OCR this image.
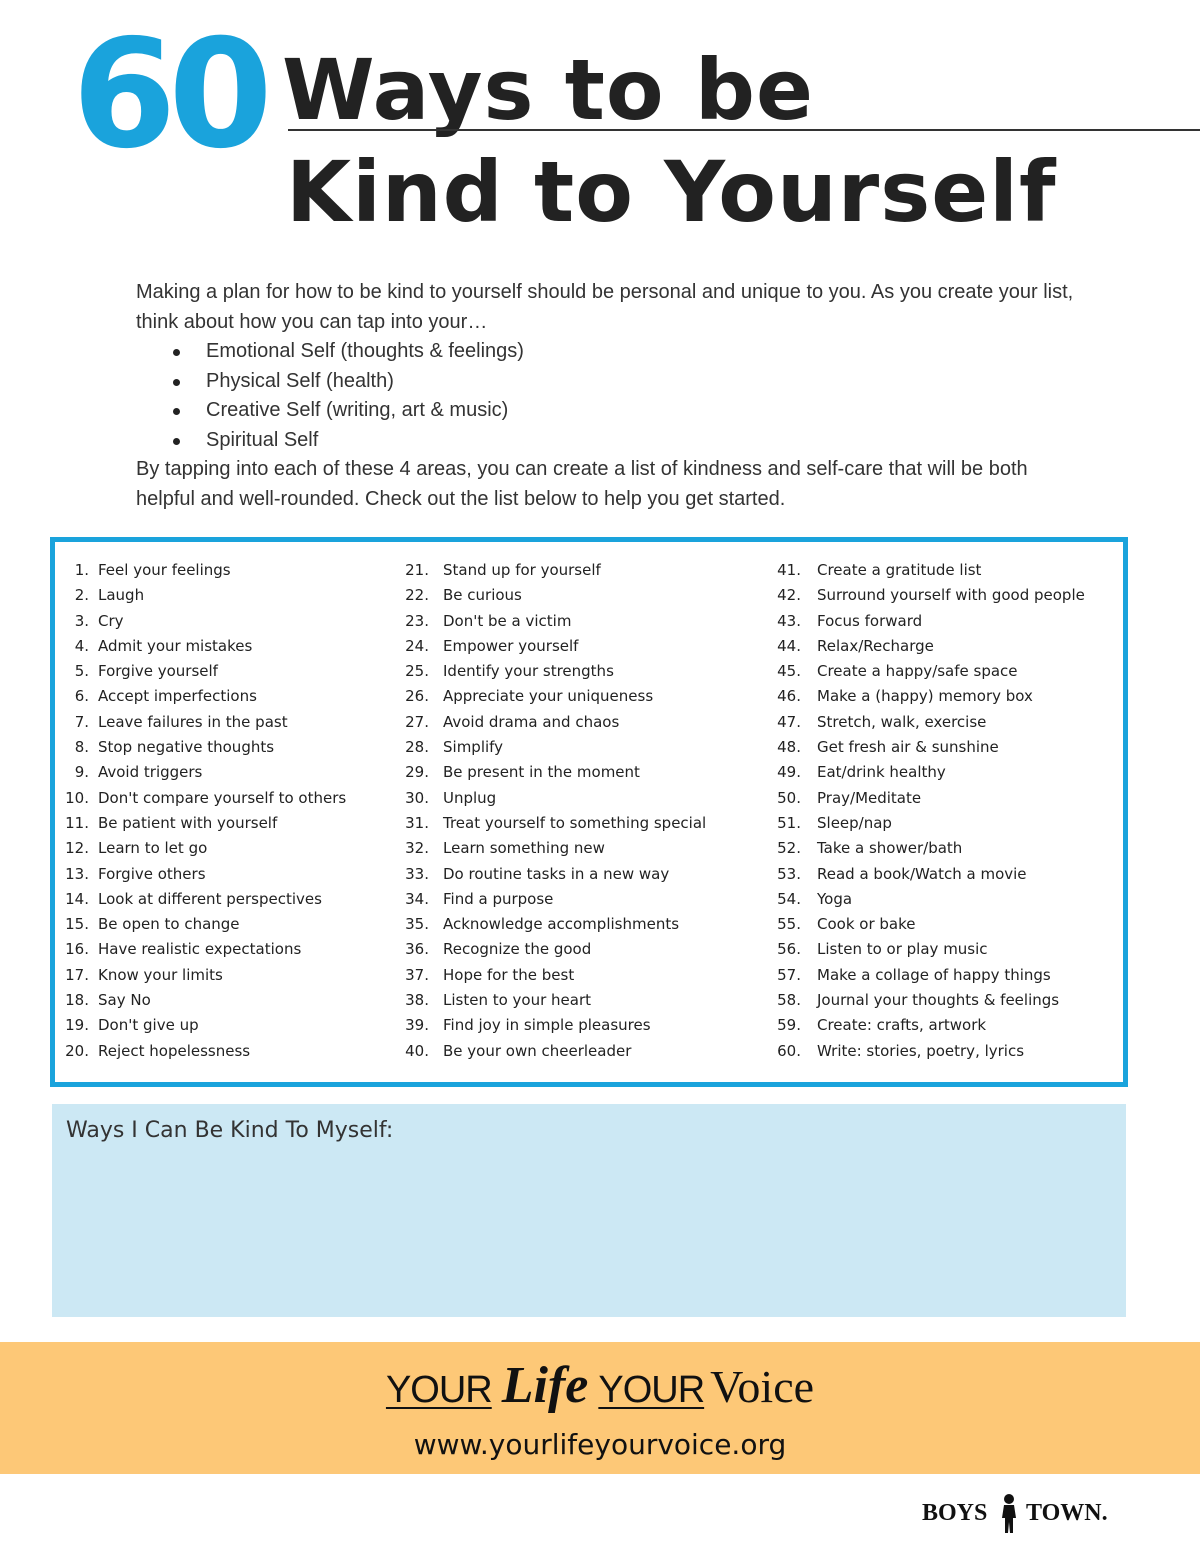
60 Ways to be
Kind to Yourself

Making a plan for how to be kind to yourself should be personal and unique to you. As you create your list, think about how you can tap into your…

Emotional Self (thoughts & feelings)
Physical Self (health)
Creative Self (writing, art & music)
Spiritual Self

By tapping into each of these 4 areas, you can create a list of kindness and self-care that will be both helpful and well-rounded. Check out the list below to help you get started.

1. Feel your feelings
2. Laugh
3. Cry
4. Admit your mistakes
5. Forgive yourself
6. Accept imperfections
7. Leave failures in the past
8. Stop negative thoughts
9. Avoid triggers
10. Don't compare yourself to others
11. Be patient with yourself
12. Learn to let go
13. Forgive others
14. Look at different perspectives
15. Be open to change
16. Have realistic expectations
17. Know your limits
18. Say No
19. Don't give up
20. Reject hopelessness
21. Stand up for yourself
22. Be curious
23. Don't be a victim
24. Empower yourself
25. Identify your strengths
26. Appreciate your uniqueness
27. Avoid drama and chaos
28. Simplify
29. Be present in the moment
30. Unplug
31. Treat yourself to something special
32. Learn something new
33. Do routine tasks in a new way
34. Find a purpose
35. Acknowledge accomplishments
36. Recognize the good
37. Hope for the best
38. Listen to your heart
39. Find joy in simple pleasures
40. Be your own cheerleader
41. Create a gratitude list
42. Surround yourself with good people
43. Focus forward
44. Relax/Recharge
45. Create a happy/safe space
46. Make a (happy) memory box
47. Stretch, walk, exercise
48. Get fresh air & sunshine
49. Eat/drink healthy
50. Pray/Meditate
51. Sleep/nap
52. Take a shower/bath
53. Read a book/Watch a movie
54. Yoga
55. Cook or bake
56. Listen to or play music
57. Make a collage of happy things
58. Journal your thoughts & feelings
59. Create: crafts, artwork
60. Write: stories, poetry, lyrics
Ways I Can Be Kind To Myself:
YOUR Life YOUR Voice
www.yourlifeyourvoice.org
BOYS TOWN.
